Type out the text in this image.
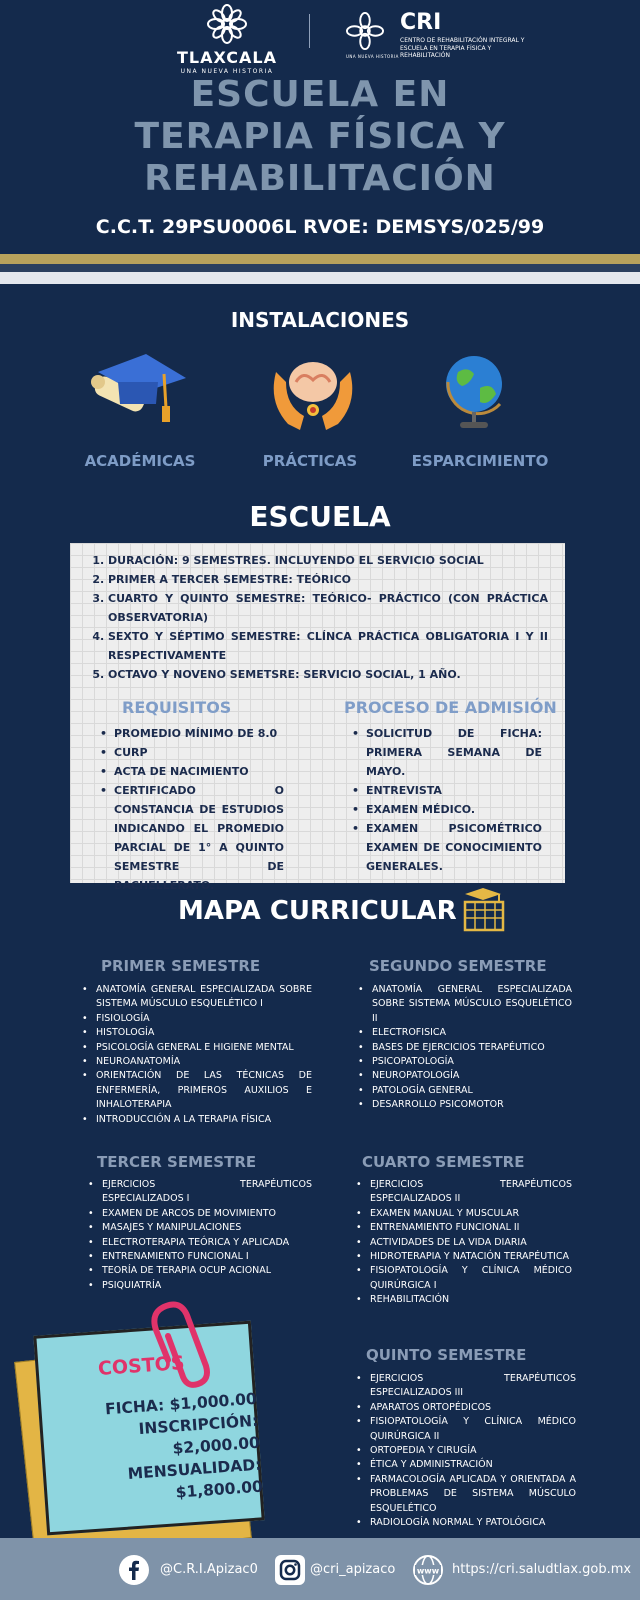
TLAXCALA
UNA NUEVA HISTORIA
UNA NUEVA HISTORIA
CRI
CENTRO DE REHABILITACIÓN INTEGRAL Y ESCUELA EN TERAPIA FÍSICA Y REHABILITACIÓN
ESCUELA EN
TERAPIA FÍSICA Y
REHABILITACIÓN
C.C.T. 29PSU0006L RVOE: DEMSYS/025/99
INSTALACIONES
ACADÉMICAS	PRÁCTICAS	ESPARCIMIENTO
ESCUELA
1. DURACIÓN: 9 SEMESTRES. INCLUYENDO EL SERVICIO SOCIAL
2. PRIMER A TERCER SEMESTRE: TEÓRICO
3. CUARTO Y QUINTO SEMESTRE: TEÓRICO- PRÁCTICO (CON PRÁCTICA OBSERVATORIA)
4. SEXTO Y SÉPTIMO SEMESTRE: CLÍNCA PRÁCTICA OBLIGATORIA I Y II RESPECTIVAMENTE
5. OCTAVO Y NOVENO SEMETSRE: SERVICIO SOCIAL, 1 AÑO.
REQUISITOS	PROCESO DE ADMISIÓN
• PROMEDIO MÍNIMO DE 8.0
• CURP
• ACTA DE NACIMIENTO
• CERTIFICADO O CONSTANCIA DE ESTUDIOS INDICANDO EL PROMEDIO PARCIAL DE 1° A QUINTO SEMESTRE DE BACHELLERATO.
• SOLICITUD DE FICHA: PRIMERA SEMANA DE MAYO.
• ENTREVISTA
• EXAMEN MÉDICO.
• EXAMEN PSICOMÉTRICO EXAMEN DE CONOCIMIENTO GENERALES.
MAPA CURRICULAR
PRIMER SEMESTRE
• ANATOMÍA GENERAL ESPECIALIZADA SOBRE SISTEMA MÚSCULO ESQUELÉTICO I
• FISIOLOGÍA
• HISTOLOGÍA
• PSICOLOGÍA GENERAL E HIGIENE MENTAL
• NEUROANATOMÍA
• ORIENTACIÓN DE LAS TÉCNICAS DE ENFERMERÍA, PRIMEROS AUXILIOS E INHALOTERAPIA
• INTRODUCCIÓN A LA TERAPIA FÍSICA
SEGUNDO SEMESTRE
• ANATOMÍA GENERAL ESPECIALIZADA SOBRE SISTEMA MÚSCULO ESQUELÉTICO II
• ELECTROFISICA
• BASES DE EJERCICIOS TERAPÉUTICO
• PSICOPATOLOGÍA
• NEUROPATOLOGÍA
• PATOLOGÍA GENERAL
• DESARROLLO PSICOMOTOR
TERCER SEMESTRE
• EJERCICIOS TERAPÉUTICOS ESPECIALIZADOS I
• EXAMEN DE ARCOS DE MOVIMIENTO
• MASAJES Y MANIPULACIONES
• ELECTROTERAPIA TEÓRICA Y APLICADA
• ENTRENAMIENTO FUNCIONAL I
• TEORÍA DE TERAPIA OCUP ACIONAL
• PSIQUIATRÍA
CUARTO SEMESTRE
• EJERCICIOS TERAPÉUTICOS ESPECIALIZADOS II
• EXAMEN MANUAL Y MUSCULAR
• ENTRENAMIENTO FUNCIONAL II
• ACTIVIDADES DE LA VIDA DIARIA
• HIDROTERAPIA Y NATACIÓN TERAPÉUTICA
• FISIOPATOLOGÍA Y CLÍNICA MÉDICO QUIRÚRGICA I
• REHABILITACIÓN
QUINTO SEMESTRE
• EJERCICIOS TERAPÉUTICOS ESPECIALIZADOS III
• APARATOS ORTOPÉDICOS
• FISIOPATOLOGÍA Y CLÍNICA MÉDICO QUIRÚRGICA II
• ORTOPEDIA Y CIRUGÍA
• ÉTICA Y ADMINISTRACIÓN
• FARMACOLOGÍA APLICADA Y ORIENTADA A PROBLEMAS DE SISTEMA MÚSCULO ESQUELÉTICO
• RADIOLOGÍA NORMAL Y PATOLÓGICA
COSTOS
FICHA: $1,000.00
INSCRIPCIÓN: $2,000.00
MENSUALIDAD: $1,800.00
@C.R.I.Apizac0	@cri_apizaco	www https://cri.saludtlax.gob.mx
